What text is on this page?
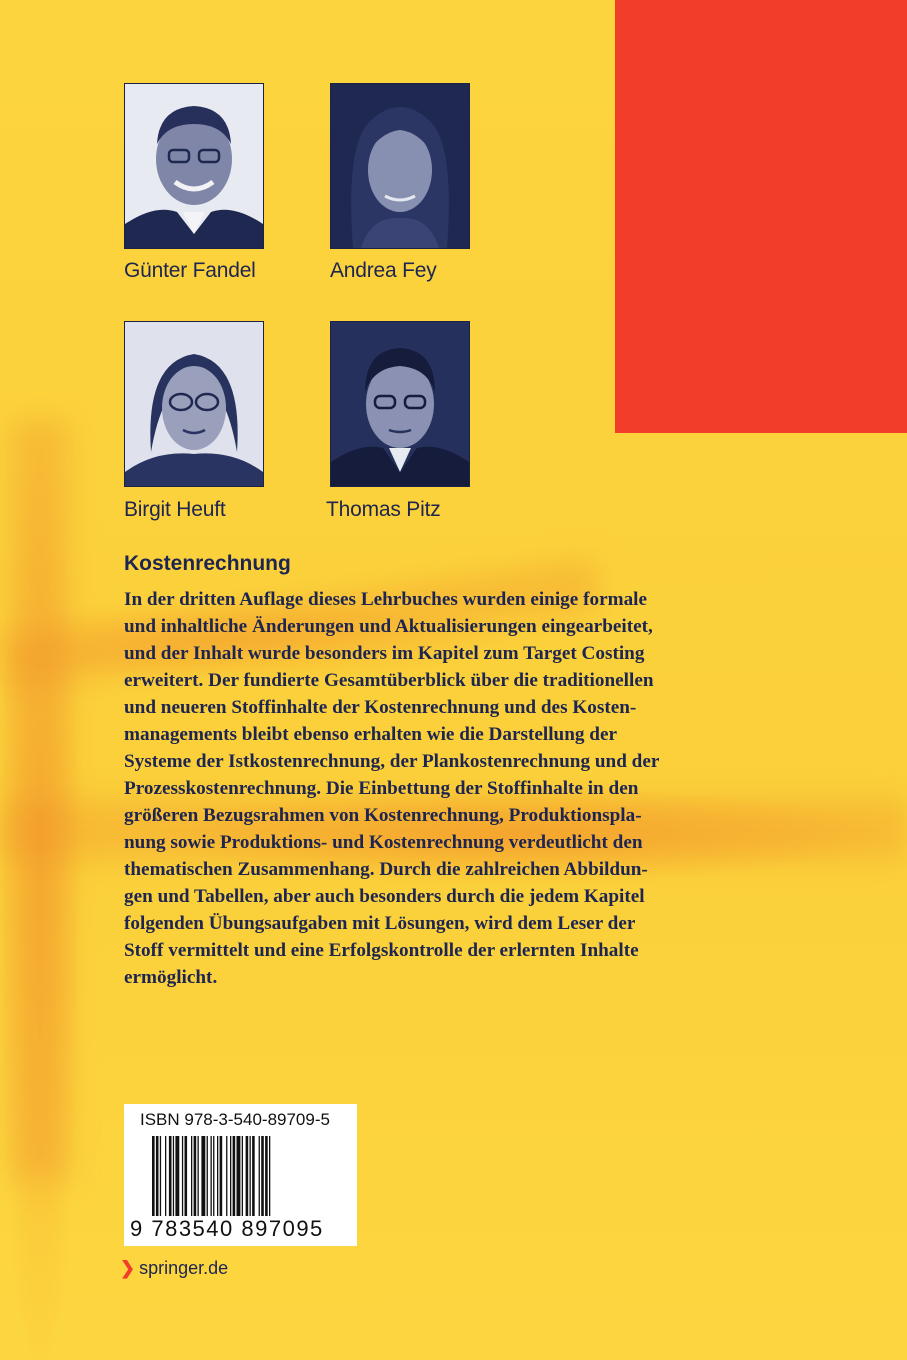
Günter Fandel	Andrea Fey
Birgit Heuft	Thomas Pitz
Kostenrechnung

In der dritten Auflage dieses Lehrbuches wurden einige formale
und inhaltliche Änderungen und Aktualisierungen eingearbeitet,
und der Inhalt wurde besonders im Kapitel zum Target Costing
erweitert. Der fundierte Gesamtüberblick über die traditionellen
und neueren Stoffinhalte der Kostenrechnung und des Kosten-
managements bleibt ebenso erhalten wie die Darstellung der
Systeme der Istkostenrechnung, der Plankostenrechnung und der
Prozesskostenrechnung. Die Einbettung der Stoffinhalte in den
größeren Bezugsrahmen von Kostenrechnung, Produktionspla-
nung sowie Produktions- und Kostenrechnung verdeutlicht den
thematischen Zusammenhang. Durch die zahlreichen Abbildun-
gen und Tabellen, aber auch besonders durch die jedem Kapitel
folgenden Übungsaufgaben mit Lösungen, wird dem Leser der
Stoff vermittelt und eine Erfolgskontrolle der erlernten Inhalte
ermöglicht.

ISBN 978-3-540-89709-5
9 783540 897095
❯ springer.de
